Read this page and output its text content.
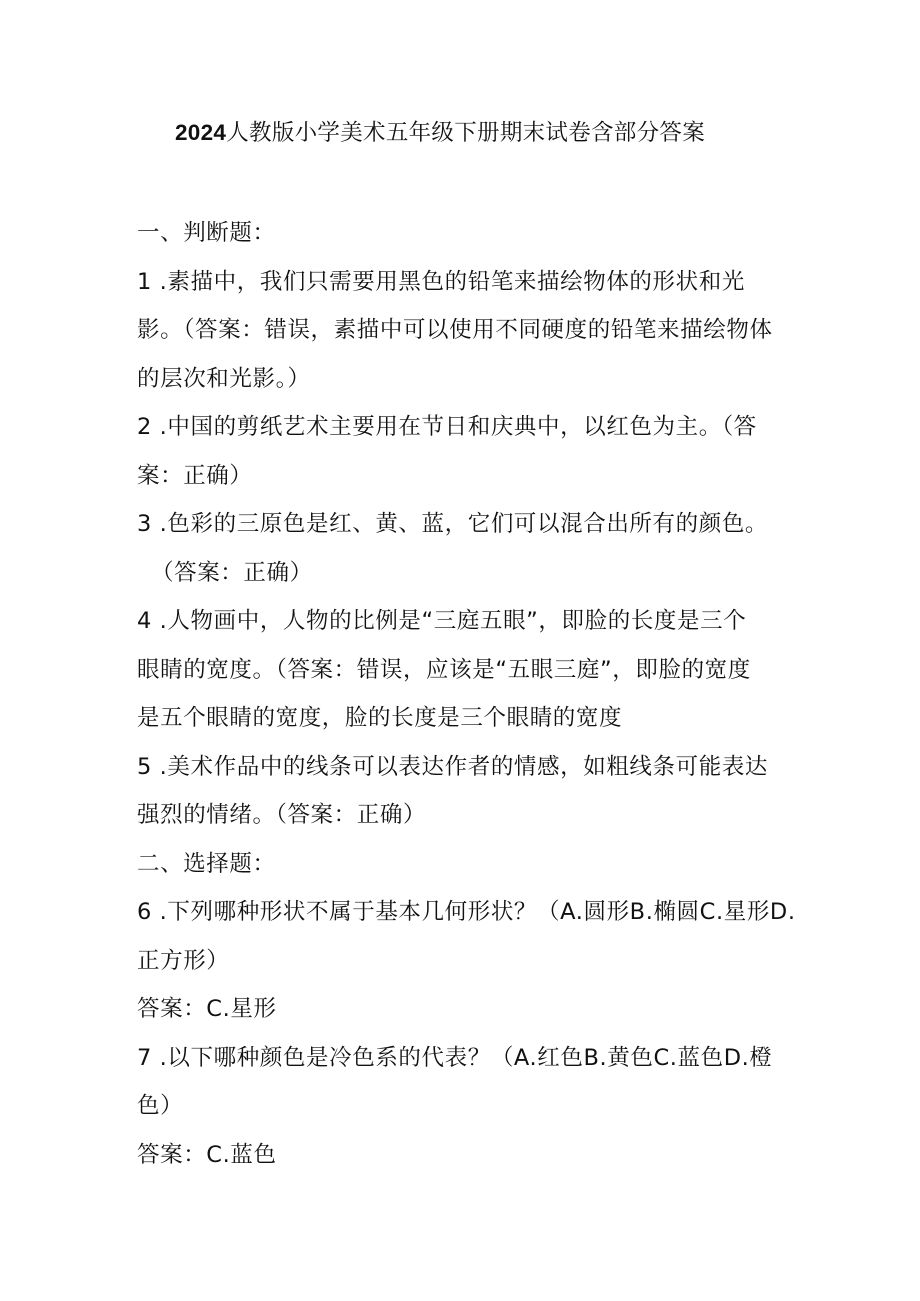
2024人教版小学美术五年级下册期末试卷含部分答案
一、判断题：
1 .素描中，我们只需要用黑色的铅笔来描绘物体的形状和光
影。（答案：错误，素描中可以使用不同硬度的铅笔来描绘物体
的层次和光影。）
2 .中国的剪纸艺术主要用在节日和庆典中，以红色为主。（答
案：正确）
3 .色彩的三原色是红、黄、蓝，它们可以混合出所有的颜色。
（答案：正确）
4 .人物画中，人物的比例是“三庭五眼”，即脸的长度是三个
眼睛的宽度。（答案：错误，应该是“五眼三庭”，即脸的宽度
是五个眼睛的宽度，脸的长度是三个眼睛的宽度
5 .美术作品中的线条可以表达作者的情感，如粗线条可能表达
强烈的情绪。（答案：正确）
二、选择题：
6 .下列哪种形状不属于基本几何形状？（A.圆形B.椭圆C.星形D.
正方形）
答案：C.星形
7 .以下哪种颜色是冷色系的代表？（A.红色B.黄色C.蓝色D.橙
色）
答案：C.蓝色
